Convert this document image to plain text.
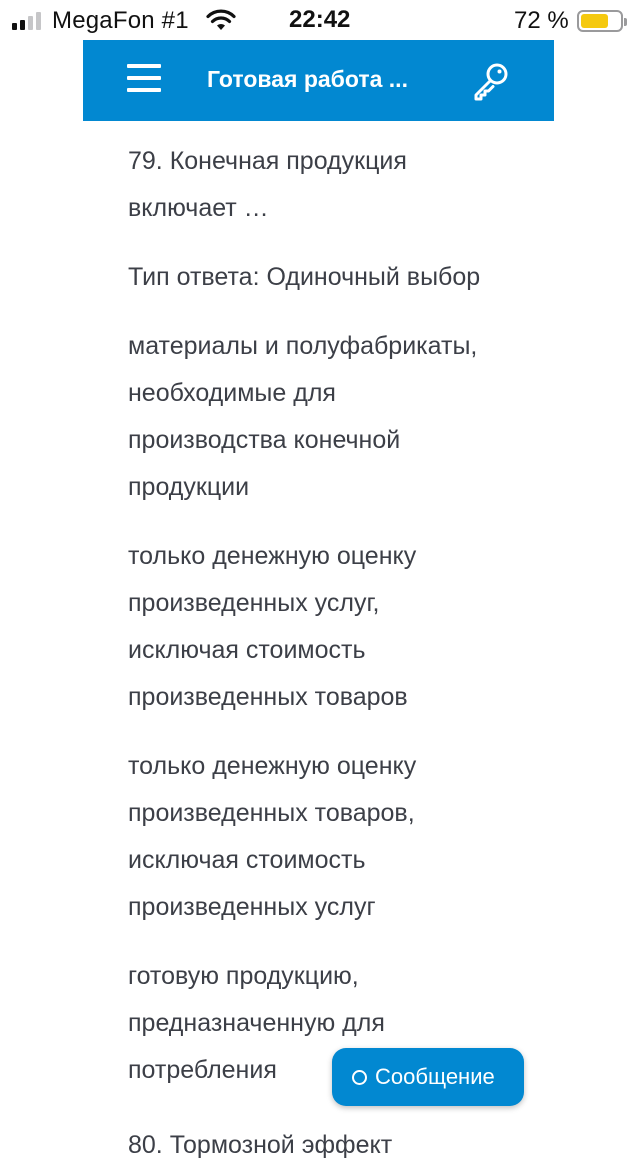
MegaFon #1	22:42	72 %
Готовая работа ...
79. Конечная продукция
включает …
Тип ответа: Одиночный выбор
материалы и полуфабрикаты,
необходимые для
производства конечной
продукции
только денежную оценку
произведенных услуг,
исключая стоимость
произведенных товаров
только денежную оценку
произведенных товаров,
исключая стоимость
произведенных услуг
готовую продукцию,
предназначенную для
потребления
80. Тормозной эффект
Сообщение
